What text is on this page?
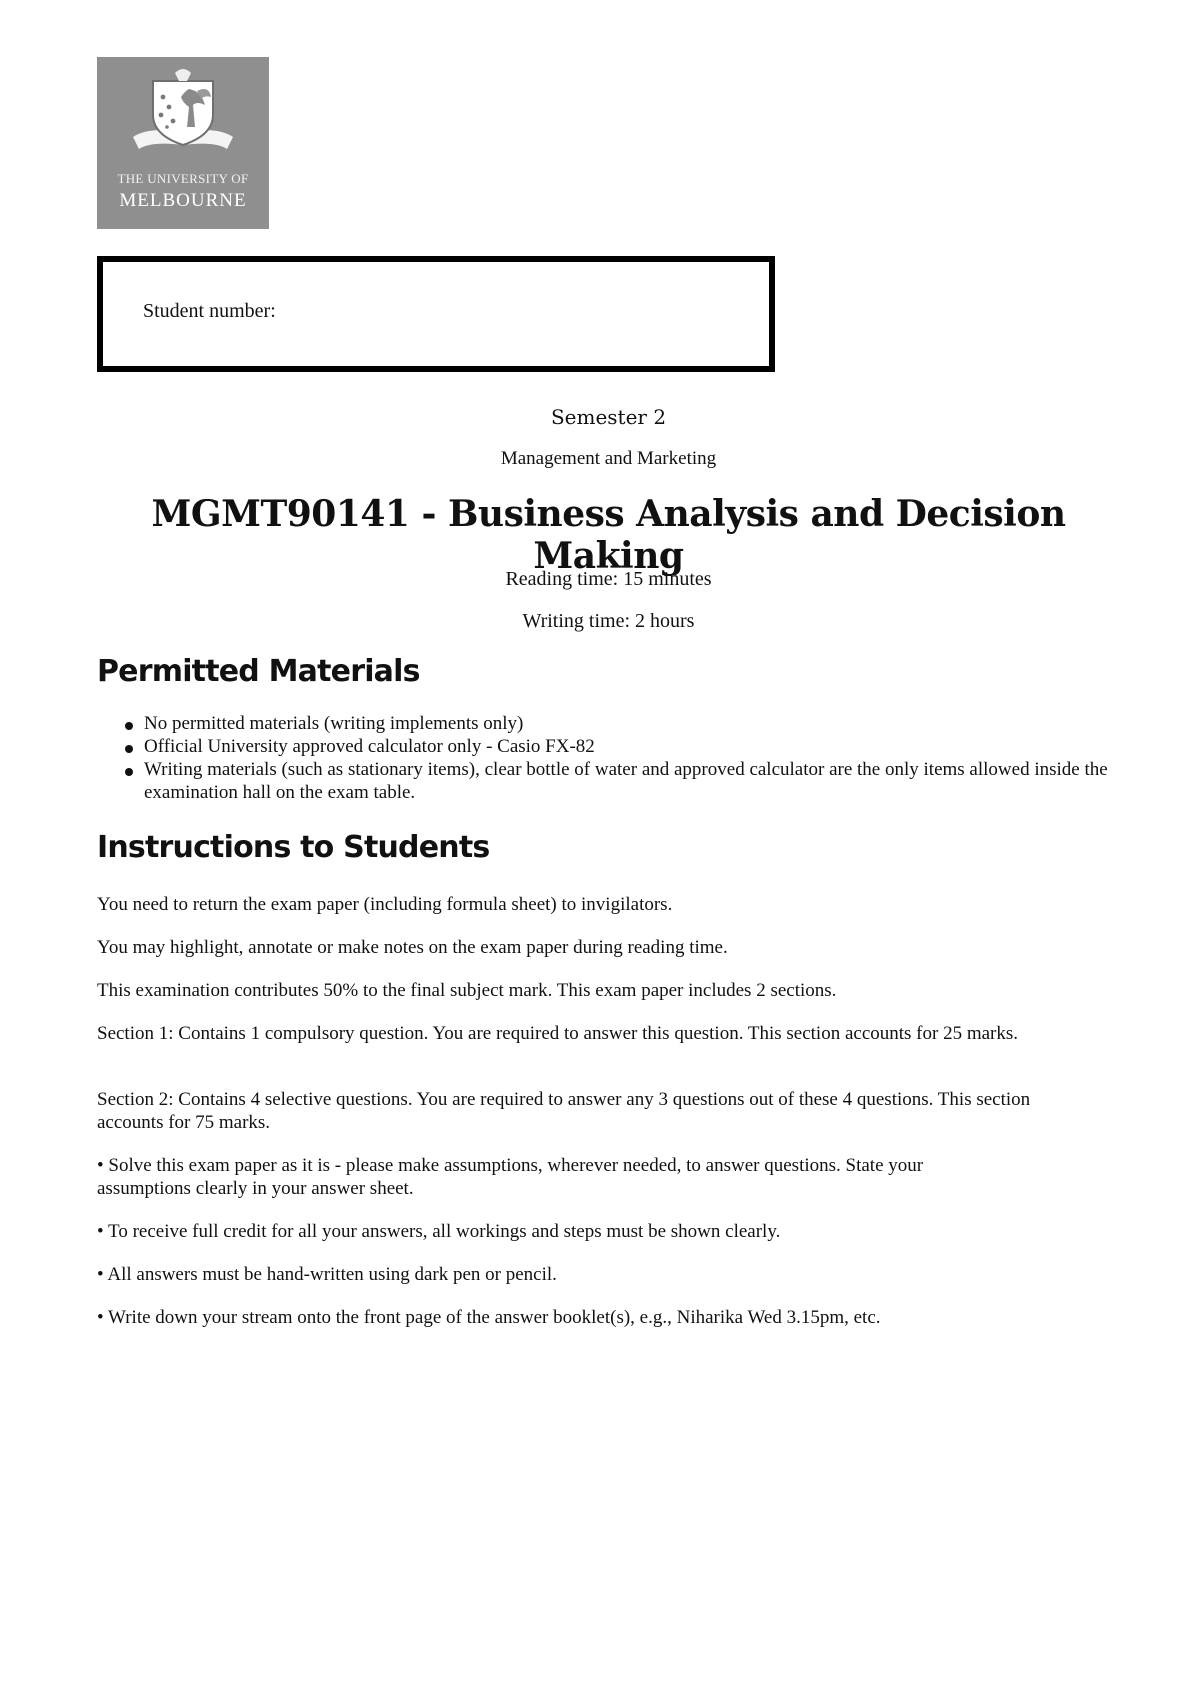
THE UNIVERSITY OF
MELBOURNE
Student number:
Semester 2
Management and Marketing
MGMT90141 - Business Analysis and Decision Making
Reading time: 15 minutes
Writing time: 2 hours
Permitted Materials
No permitted materials (writing implements only)
Official University approved calculator only - Casio FX-82
Writing materials (such as stationary items), clear bottle of water and approved calculator are the only items allowed inside the examination hall on the exam table.
Instructions to Students

You need to return the exam paper (including formula sheet) to invigilators.

You may highlight, annotate or make notes on the exam paper during reading time.

This examination contributes 50% to the final subject mark. This exam paper includes 2 sections.

Section 1: Contains 1 compulsory question. You are required to answer this question. This section accounts for 25 marks.

Section 2: Contains 4 selective questions. You are required to answer any 3 questions out of these 4 questions. This section accounts for 75 marks.

• Solve this exam paper as it is - please make assumptions, wherever needed, to answer questions. State your assumptions clearly in your answer sheet.

• To receive full credit for all your answers, all workings and steps must be shown clearly.

• All answers must be hand-written using dark pen or pencil.

• Write down your stream onto the front page of the answer booklet(s), e.g., Niharika Wed 3.15pm, etc.
